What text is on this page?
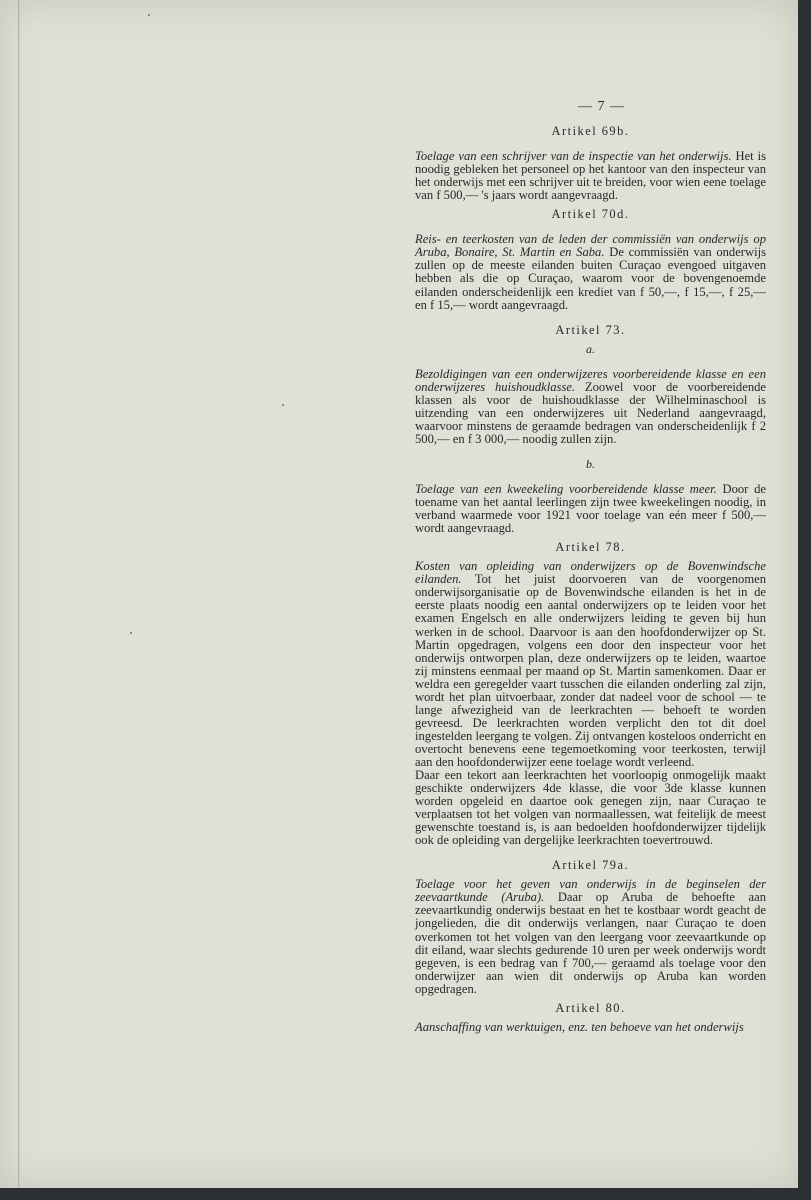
— 7 —

Artikel 69b.

Toelage van een schrijver van de inspectie van het onderwijs. Het is noodig gebleken het personeel op het kantoor van den inspecteur van het onderwijs met een schrijver uit te breiden, voor wien eene toelage van f 500,— 's jaars wordt aangevraagd.

Artikel 70d.

Reis- en teerkosten van de leden der commissiën van onderwijs op Aruba, Bonaire, St. Martin en Saba. De commissiën van onderwijs zullen op de meeste eilanden buiten Curaçao evengoed uitgaven hebben als die op Curaçao, waarom voor de bovengenoemde eilanden onderscheidenlijk een krediet van f 50,—, f 15,—, f 25,— en f 15,— wordt aangevraagd.

Artikel 73.

a.

Bezoldigingen van een onderwijzeres voorbereidende klasse en een onderwijzeres huishoudklasse. Zoowel voor de voorbereidende klassen als voor de huishoudklasse der Wilhelminaschool is uitzending van een onderwijzeres uit Nederland aangevraagd, waarvoor minstens de geraamde bedragen van onderscheidenlijk f 2 500,— en f 3 000,— noodig zullen zijn.

b.

Toelage van een kweekeling voorbereidende klasse meer. Door de toename van het aantal leerlingen zijn twee kweekelingen noodig, in verband waarmede voor 1921 voor toelage van eén meer f 500,— wordt aangevraagd.

Artikel 78.

Kosten van opleiding van onderwijzers op de Bovenwindsche eilanden. Tot het juist doorvoeren van de voorgenomen onderwijsorganisatie op de Bovenwindsche eilanden is het in de eerste plaats noodig een aantal onderwijzers op te leiden voor het examen Engelsch en alle onderwijzers leiding te geven bij hun werken in de school. Daarvoor is aan den hoofdonderwijzer op St. Martin opgedragen, volgens een door den inspecteur voor het onderwijs ontworpen plan, deze onderwijzers op te leiden, waartoe zij minstens eenmaal per maand op St. Martin samenkomen. Daar er weldra een geregelder vaart tusschen die eilanden onderling zal zijn, wordt het plan uitvoerbaar, zonder dat nadeel voor de school — te lange afwezigheid van de leerkrachten — behoeft te worden gevreesd. De leerkrachten worden verplicht den tot dit doel ingestelden leergang te volgen. Zij ontvangen kosteloos onderricht en overtocht benevens eene tegemoetkoming voor teerkosten, terwijl aan den hoofdonderwijzer eene toelage wordt verleend.

Daar een tekort aan leerkrachten het voorloopig onmogelijk maakt geschikte onderwijzers 4de klasse, die voor 3de klasse kunnen worden opgeleid en daartoe ook genegen zijn, naar Curaçao te verplaatsen tot het volgen van normaallessen, wat feitelijk de meest gewenschte toestand is, is aan bedoelden hoofdonderwijzer tijdelijk ook de opleiding van dergelijke leerkrachten toevertrouwd.

Artikel 79a.

Toelage voor het geven van onderwijs in de beginselen der zeevaartkunde (Aruba). Daar op Aruba de behoefte aan zeevaartkundig onderwijs bestaat en het te kostbaar wordt geacht de jongelieden, die dit onderwijs verlangen, naar Curaçao te doen overkomen tot het volgen van den leergang voor zeevaartkunde op dit eiland, waar slechts gedurende 10 uren per week onderwijs wordt gegeven, is een bedrag van f 700,— geraamd als toelage voor den onderwijzer aan wien dit onderwijs op Aruba kan worden opgedragen.

Artikel 80.

Aanschaffing van werktuigen, enz. ten behoeve van het onderwijs
